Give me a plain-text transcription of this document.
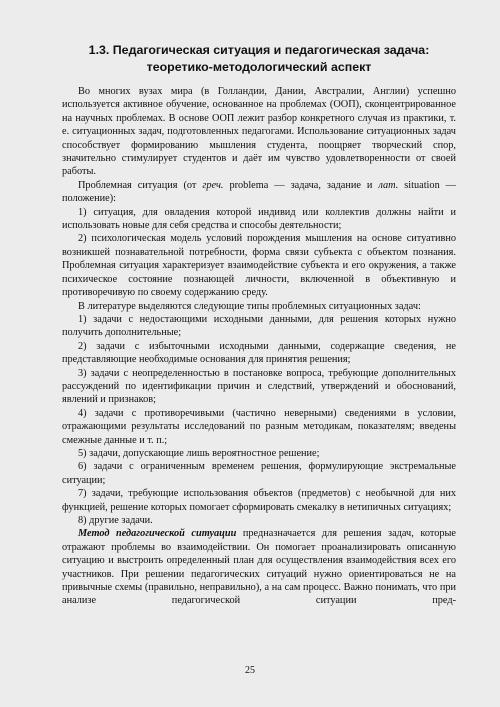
1.3. Педагогическая ситуация и педагогическая задача:
теоретико-методологический аспект

Во многих вузах мира (в Голландии, Дании, Австралии, Англии) успешно используется активное обучение, основанное на проблемах (ООП), сконцентрированное на научных проблемах. В основе ООП лежит разбор конкретного случая из практики, т. е. ситуационных задач, подготовленных педагогами. Использование ситуационных задач способствует формированию мышления студента, поощряет творческий спор, значительно стимулирует студентов и даёт им чувство удовлетворенности от своей работы.

Проблемная ситуация (от греч. problema — задача, задание и лат. situation — положение):

1) ситуация, для овладения которой индивид или коллектив должны найти и использовать новые для себя средства и способы деятельности;

2) психологическая модель условий порождения мышления на основе ситуативно возникшей познавательной потребности, форма связи субъекта с объектом познания. Проблемная ситуация характеризует взаимодействие субъекта и его окружения, а также психическое состояние познающей личности, включенной в объективную и противоречивую по своему содержанию среду.

В литературе выделяются следующие типы проблемных ситуационных задач:

1) задачи с недостающими исходными данными, для решения которых нужно получить дополнительные;

2) задачи с избыточными исходными данными, содержащие сведения, не представляющие необходимые основания для принятия решения;

3) задачи с неопределенностью в постановке вопроса, требующие дополнительных рассуждений по идентификации причин и следствий, утверждений и обоснований, явлений и признаков;

4) задачи с противоречивыми (частично неверными) сведениями в условии, отражающими результаты исследований по разным методикам, показателям; введены смежные данные и т. п.;

5) задачи, допускающие лишь вероятностное решение;

6) задачи с ограниченным временем решения, формулирующие экстремальные ситуации;

7) задачи, требующие использования объектов (предметов) с необычной для них функцией, решение которых помогает сформировать смекалку в нетипичных ситуациях;

8) другие задачи.

Метод педагогической ситуации предназначается для решения задач, которые отражают проблемы во взаимодействии. Он помогает проанализировать описанную ситуацию и выстроить определенный план для осуществления взаимодействия всех его участников. При решении педагогических ситуаций нужно ориентироваться не на привычные схемы (правильно, неправильно), а на сам процесс. Важно понимать, что при анализе педагогической ситуации пред-

25
